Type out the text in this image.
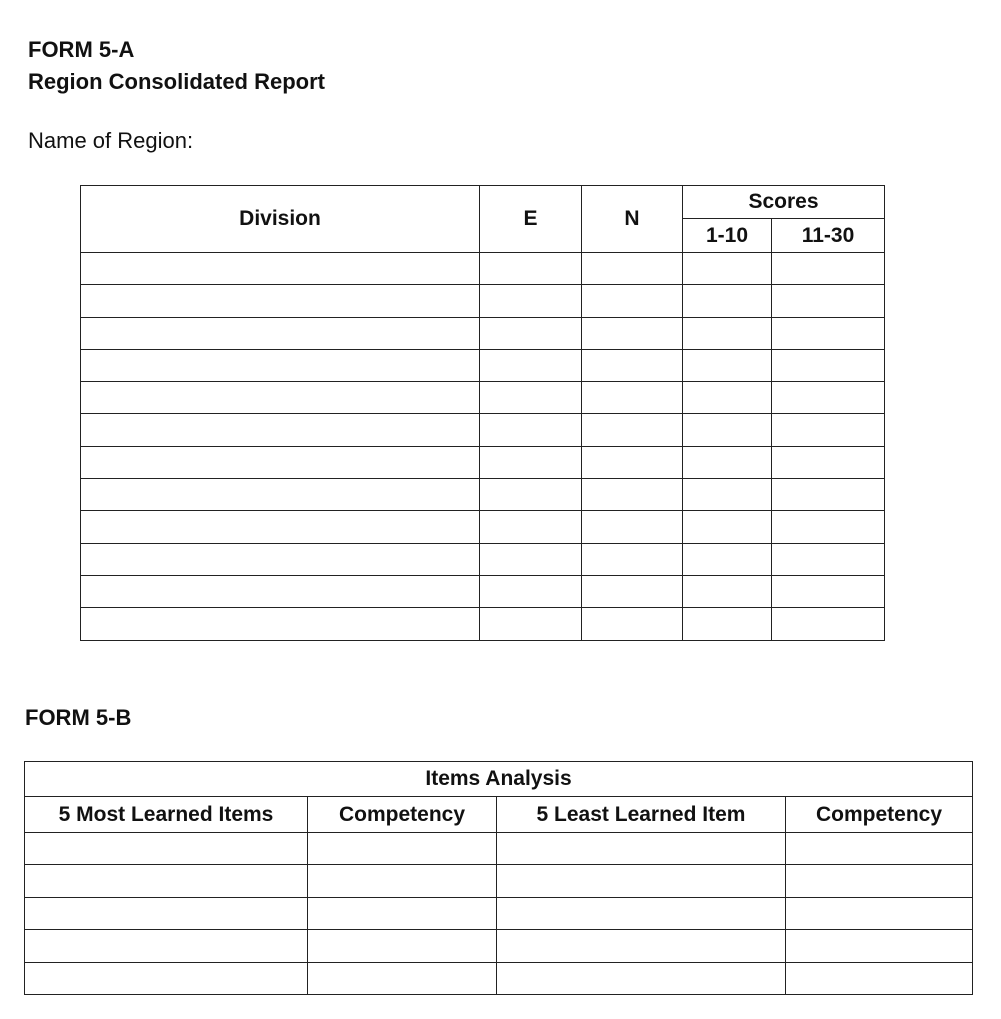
FORM 5-A
Region Consolidated Report
Name of Region:
Division	E	N	Scores	
			1-10	11-30

FORM 5-B
Items Analysis			
5 Most Learned Items	Competency	5 Least Learned Item	Competency
